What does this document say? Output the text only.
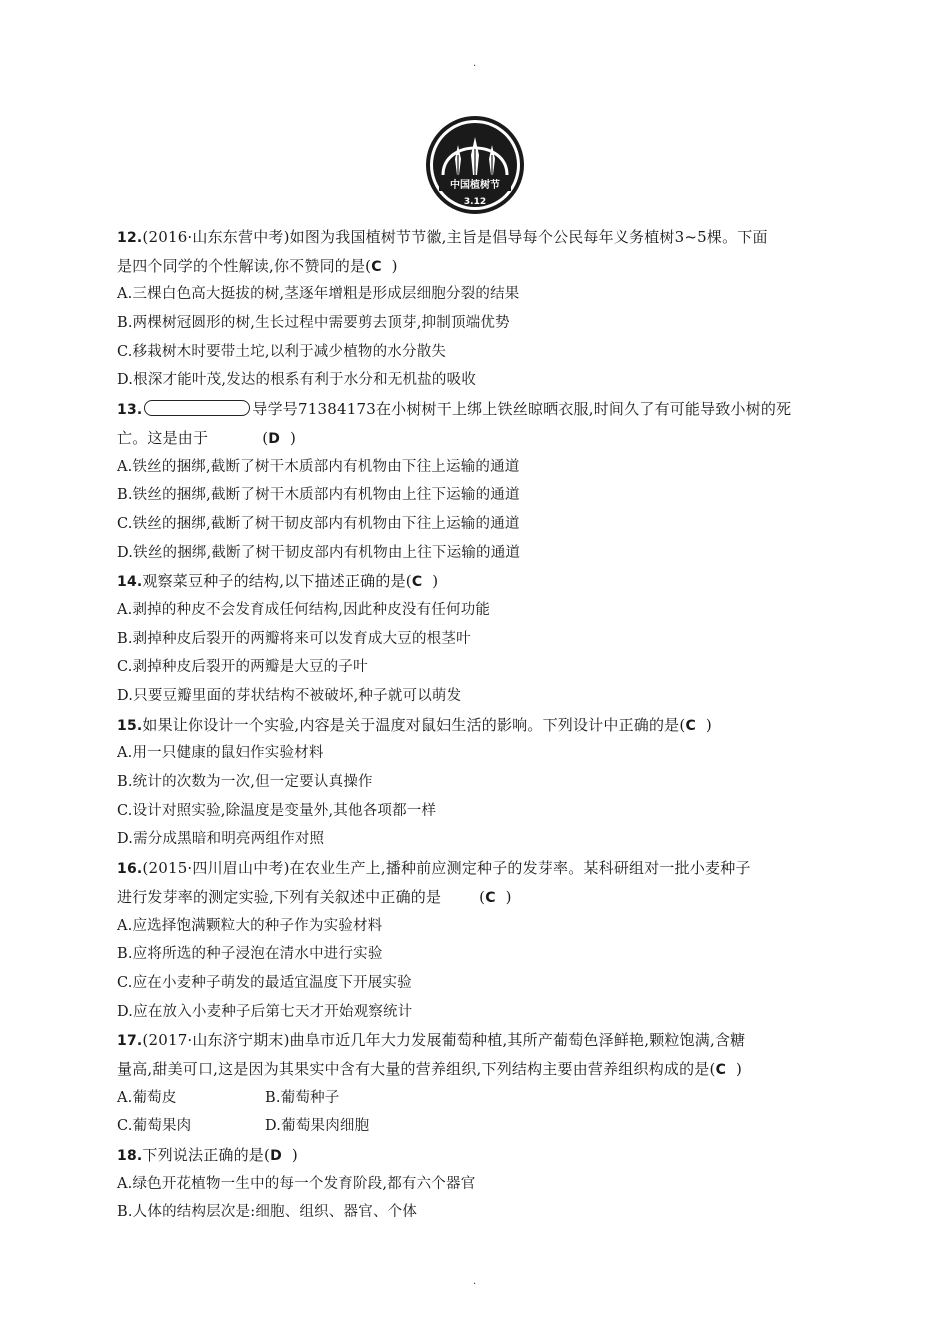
.
中国植树节
3.12
12.(2016·山东东营中考)如图为我国植树节节徽,主旨是倡导每个公民每年义务植树3~5棵。下面
是四个同学的个性解读,你不赞同的是(C )
A.三棵白色高大挺拔的树,茎逐年增粗是形成层细胞分裂的结果
B.两棵树冠圆形的树,生长过程中需要剪去顶芽,抑制顶端优势
C.移栽树木时要带土坨,以利于减少植物的水分散失
D.根深才能叶茂,发达的根系有利于水分和无机盐的吸收
13.	导学号71384173在小树树干上绑上铁丝晾晒衣服,时间久了有可能导致小树的死
亡。这是由于	(D )
A.铁丝的捆绑,截断了树干木质部内有机物由下往上运输的通道
B.铁丝的捆绑,截断了树干木质部内有机物由上往下运输的通道
C.铁丝的捆绑,截断了树干韧皮部内有机物由下往上运输的通道
D.铁丝的捆绑,截断了树干韧皮部内有机物由上往下运输的通道
14.观察菜豆种子的结构,以下描述正确的是(C )
A.剥掉的种皮不会发育成任何结构,因此种皮没有任何功能
B.剥掉种皮后裂开的两瓣将来可以发育成大豆的根茎叶
C.剥掉种皮后裂开的两瓣是大豆的子叶
D.只要豆瓣里面的芽状结构不被破坏,种子就可以萌发
15.如果让你设计一个实验,内容是关于温度对鼠妇生活的影响。下列设计中正确的是(C )
A.用一只健康的鼠妇作实验材料
B.统计的次数为一次,但一定要认真操作
C.设计对照实验,除温度是变量外,其他各项都一样
D.需分成黑暗和明亮两组作对照
16.(2015·四川眉山中考)在农业生产上,播种前应测定种子的发芽率。某科研组对一批小麦种子
进行发芽率的测定实验,下列有关叙述中正确的是	(C )
A.应选择饱满颗粒大的种子作为实验材料
B.应将所选的种子浸泡在清水中进行实验
C.应在小麦种子萌发的最适宜温度下开展实验
D.应在放入小麦种子后第七天才开始观察统计
17.(2017·山东济宁期末)曲阜市近几年大力发展葡萄种植,其所产葡萄色泽鲜艳,颗粒饱满,含糖
量高,甜美可口,这是因为其果实中含有大量的营养组织,下列结构主要由营养组织构成的是(C )
A.葡萄皮	B.葡萄种子
C.葡萄果肉	D.葡萄果肉细胞
18.下列说法正确的是(D )
A.绿色开花植物一生中的每一个发育阶段,都有六个器官
B.人体的结构层次是:细胞、组织、器官、个体
.
